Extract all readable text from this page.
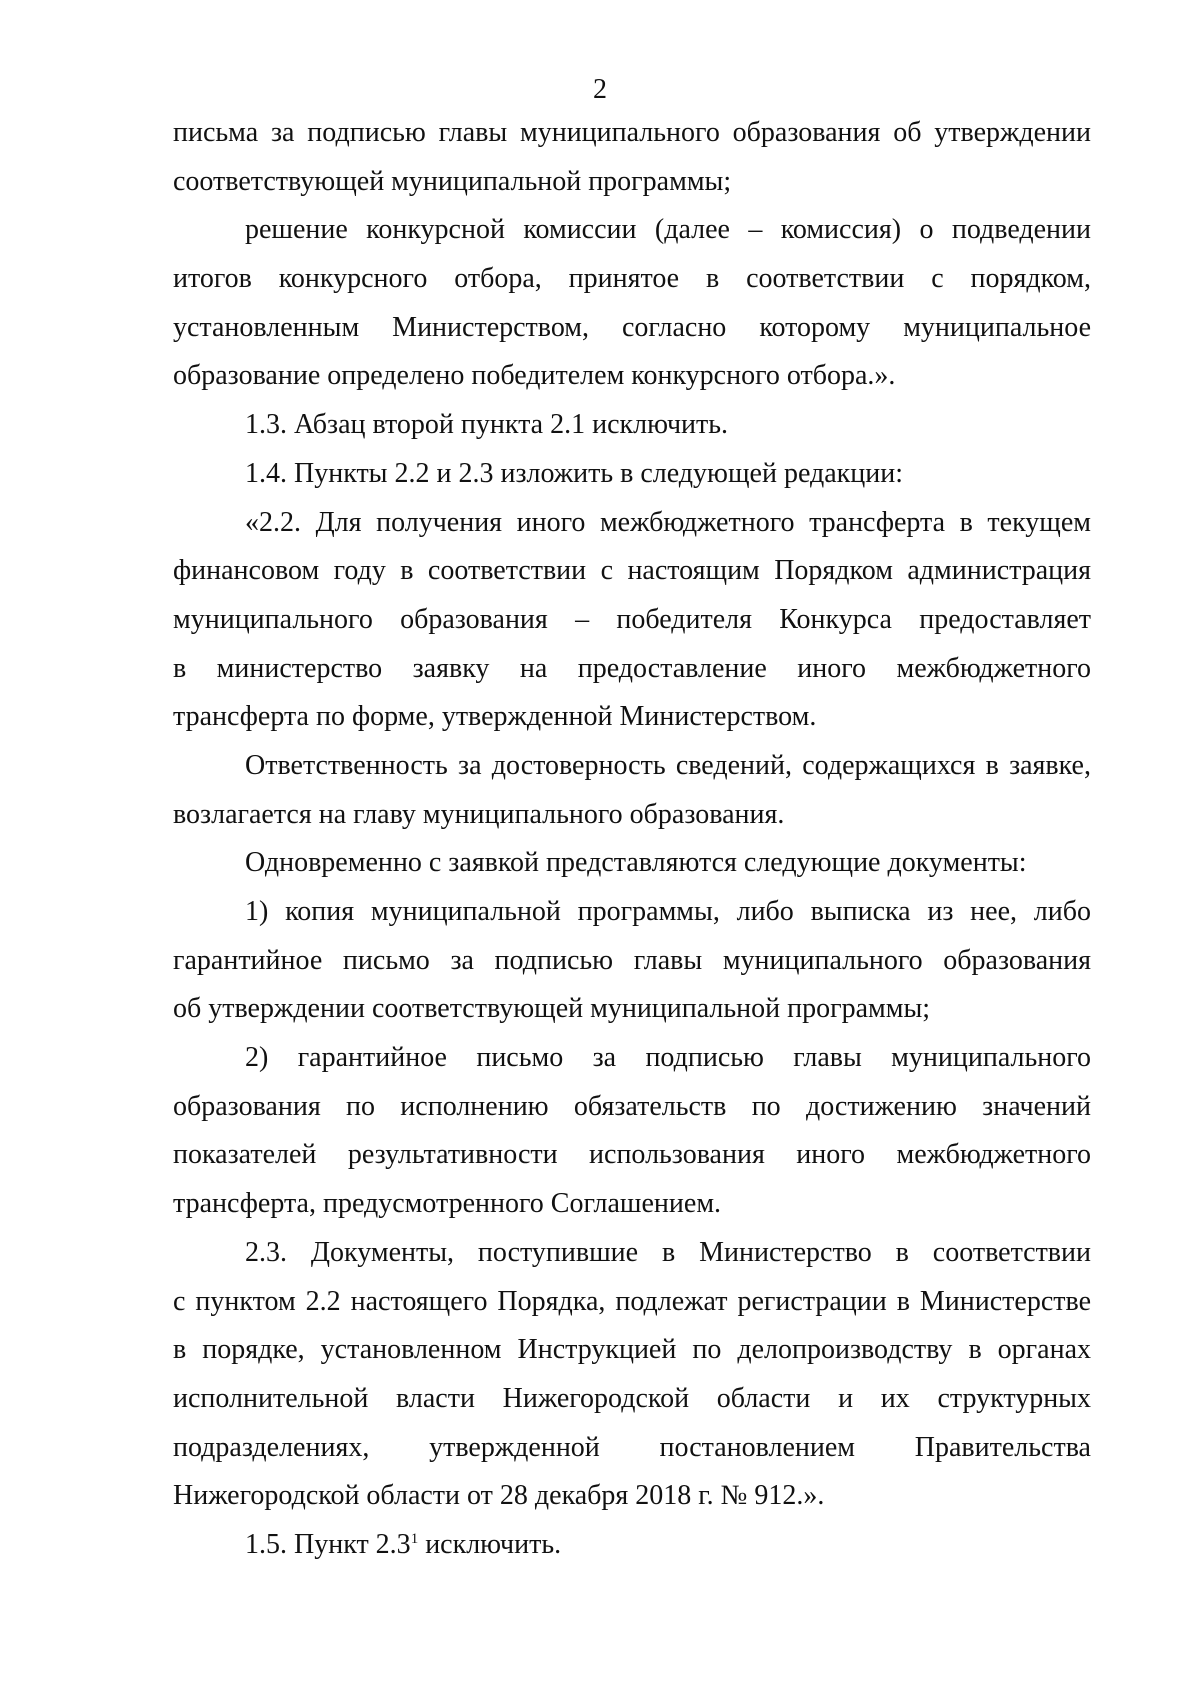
2
письма за подписью главы муниципального образования об утверждении
соответствующей муниципальной программы;
решение конкурсной комиссии (далее – комиссия) о подведении
итогов конкурсного отбора, принятое в соответствии с порядком,
установленным Министерством, согласно которому муниципальное
образование определено победителем конкурсного отбора.».
1.3. Абзац второй пункта 2.1 исключить.
1.4. Пункты 2.2 и 2.3 изложить в следующей редакции:
«2.2. Для получения иного межбюджетного трансферта в текущем
финансовом году в соответствии с настоящим Порядком администрация
муниципального образования – победителя Конкурса предоставляет
в министерство заявку на предоставление иного межбюджетного
трансферта по форме, утвержденной Министерством.
Ответственность за достоверность сведений, содержащихся в заявке,
возлагается на главу муниципального образования.
Одновременно с заявкой представляются следующие документы:
1) копия муниципальной программы, либо выписка из нее, либо
гарантийное письмо за подписью главы муниципального образования
об утверждении соответствующей муниципальной программы;
2) гарантийное письмо за подписью главы муниципального
образования по исполнению обязательств по достижению значений
показателей результативности использования иного межбюджетного
трансферта, предусмотренного Соглашением.
2.3. Документы, поступившие в Министерство в соответствии
с пунктом 2.2 настоящего Порядка, подлежат регистрации в Министерстве
в порядке, установленном Инструкцией по делопроизводству в органах
исполнительной власти Нижегородской области и их структурных
подразделениях, утвержденной постановлением Правительства
Нижегородской области от 28 декабря 2018 г. № 912.».
1.5. Пункт $2.3^1$ исключить.
